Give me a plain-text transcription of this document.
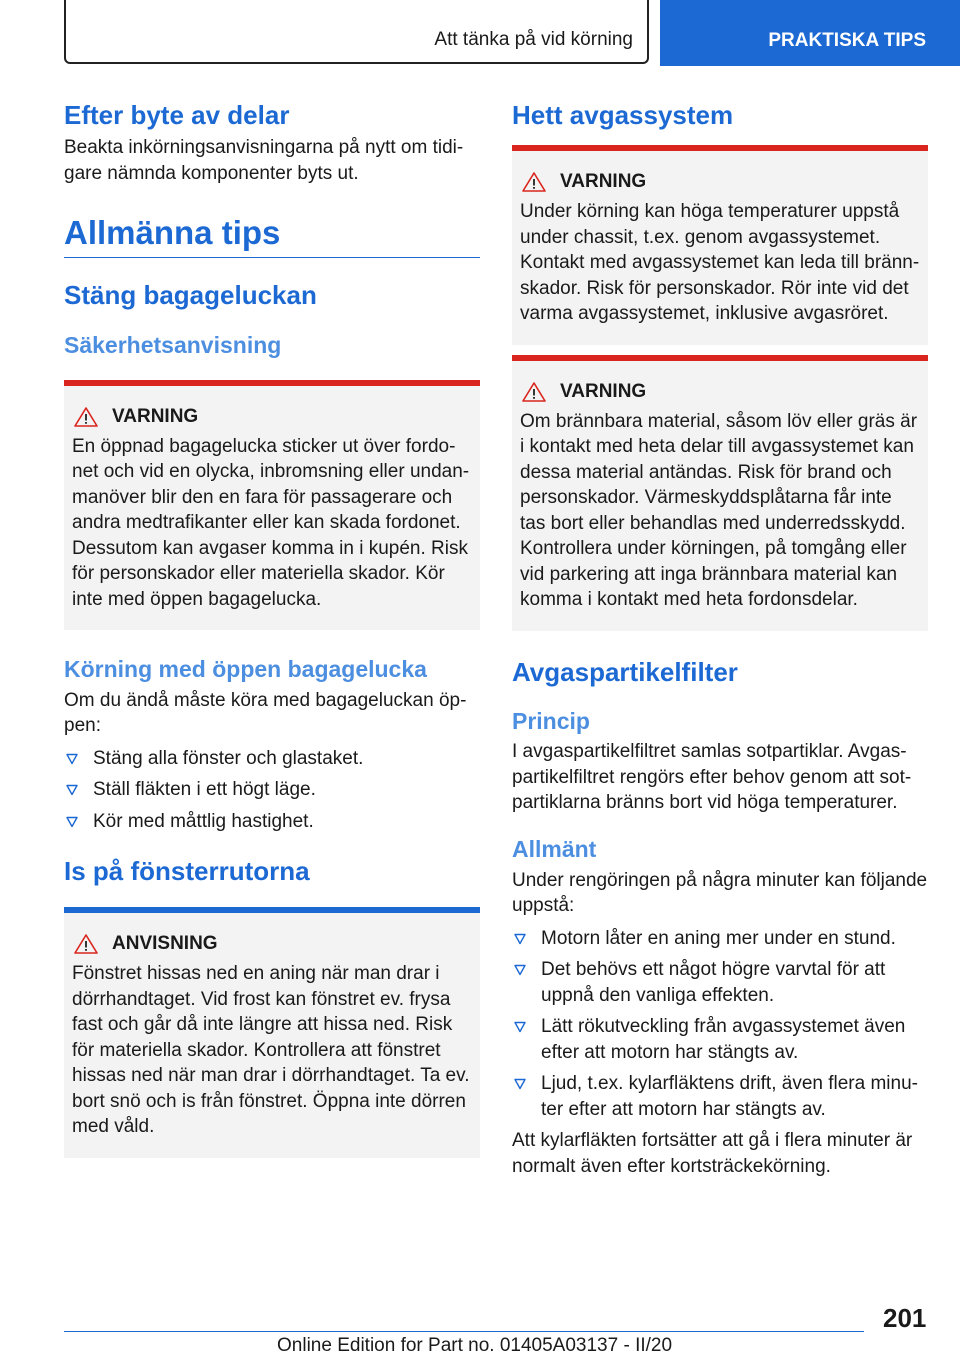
Att tänka på vid körning	PRAKTISKA TIPS
Efter byte av delar

Beakta inkörningsanvisningarna på nytt om tidigare nämnda komponenter byts ut.

Allmänna tips
Stäng bagageluckan
Säkerhetsanvisning
VARNING

En öppnad bagagelucka sticker ut över fordonet och vid en olycka, inbromsning eller undanmanöver blir den en fara för passagerare och andra medtrafikanter eller kan skada fordonet. Dessutom kan avgaser komma in i kupén. Risk för personskador eller materiella skador. Kör inte med öppen bagagelucka.

Körning med öppen bagagelucka

Om du ändå måste köra med bagageluckan öppen:

Stäng alla fönster och glastaket.
Ställ fläkten i ett högt läge.
Kör med måttlig hastighet.
Is på fönsterrutorna
ANVISNING

Fönstret hissas ned en aning när man drar i dörrhandtaget. Vid frost kan fönstret ev. frysa fast och går då inte längre att hissa ned. Risk för materiella skador. Kontrollera att fönstret hissas ned när man drar i dörrhandtaget. Ta ev. bort snö och is från fönstret. Öppna inte dörren med våld.

Hett avgassystem
VARNING

Under körning kan höga temperaturer uppstå under chassit, t.ex. genom avgassystemet. Kontakt med avgassystemet kan leda till brännskador. Risk för personskador. Rör inte vid det varma avgassystemet, inklusive avgasröret.

VARNING

Om brännbara material, såsom löv eller gräs är i kontakt med heta delar till avgassystemet kan dessa material antändas. Risk för brand och personskador. Värmeskyddsplåtarna får inte tas bort eller behandlas med underredsskydd. Kontrollera under körningen, på tomgång eller vid parkering att inga brännbara material kan komma i kontakt med heta fordonsdelar.

Avgaspartikelfilter
Princip

I avgaspartikelfiltret samlas sotpartiklar. Avgaspartikelfiltret rengörs efter behov genom att sotpartiklarna bränns bort vid höga temperaturer.

Allmänt

Under rengöringen på några minuter kan följande uppstå:

Motorn låter en aning mer under en stund.
Det behövs ett något högre varvtal för att uppnå den vanliga effekten.
Lätt rökutveckling från avgassystemet även efter att motorn har stängts av.
Ljud, t.ex. kylarfläktens drift, även flera minuter efter att motorn har stängts av.

Att kylarfläkten fortsätter att gå i flera minuter är normalt även efter kortsträckekörning.

201
Online Edition for Part no. 01405A03137 - II/20
